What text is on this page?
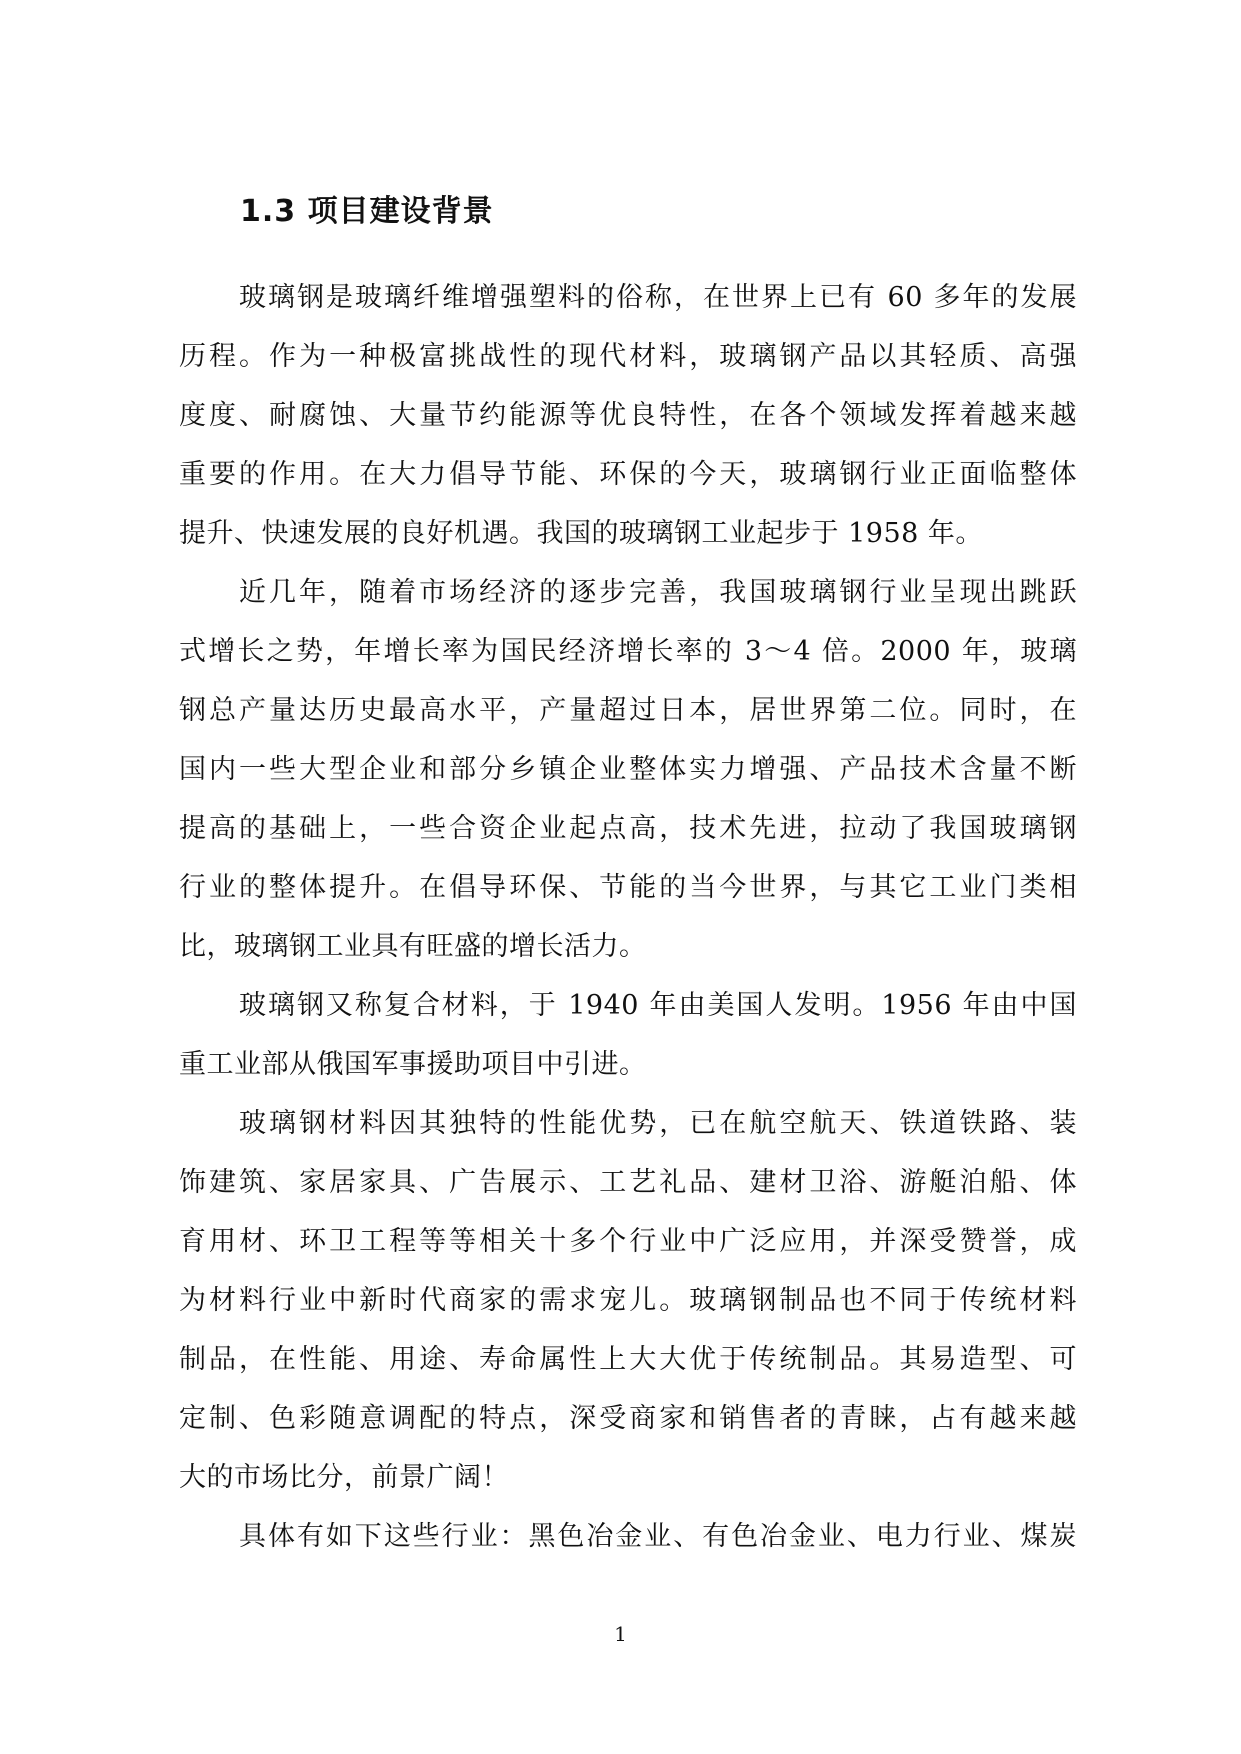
1.3 项目建设背景
玻璃钢是玻璃纤维增强塑料的俗称，在世界上已有 60 多年的发展
历程。作为一种极富挑战性的现代材料，玻璃钢产品以其轻质、高强
度度、耐腐蚀、大量节约能源等优良特性，在各个领域发挥着越来越
重要的作用。在大力倡导节能、环保的今天，玻璃钢行业正面临整体
提升、快速发展的良好机遇。我国的玻璃钢工业起步于 1958 年。
近几年，随着市场经济的逐步完善，我国玻璃钢行业呈现出跳跃
式增长之势，年增长率为国民经济增长率的 3～4 倍。2000 年，玻璃
钢总产量达历史最高水平，产量超过日本，居世界第二位。同时，在
国内一些大型企业和部分乡镇企业整体实力增强、产品技术含量不断
提高的基础上，一些合资企业起点高，技术先进，拉动了我国玻璃钢
行业的整体提升。在倡导环保、节能的当今世界，与其它工业门类相
比，玻璃钢工业具有旺盛的增长活力。
玻璃钢又称复合材料，于 1940 年由美国人发明。1956 年由中国
重工业部从俄国军事援助项目中引进。
玻璃钢材料因其独特的性能优势，已在航空航天、铁道铁路、装
饰建筑、家居家具、广告展示、工艺礼品、建材卫浴、游艇泊船、体
育用材、环卫工程等等相关十多个行业中广泛应用，并深受赞誉，成
为材料行业中新时代商家的需求宠儿。玻璃钢制品也不同于传统材料
制品，在性能、用途、寿命属性上大大优于传统制品。其易造型、可
定制、色彩随意调配的特点，深受商家和销售者的青睐，占有越来越
大的市场比分，前景广阔！
具体有如下这些行业：黑色冶金业、有色冶金业、电力行业、煤炭
1
